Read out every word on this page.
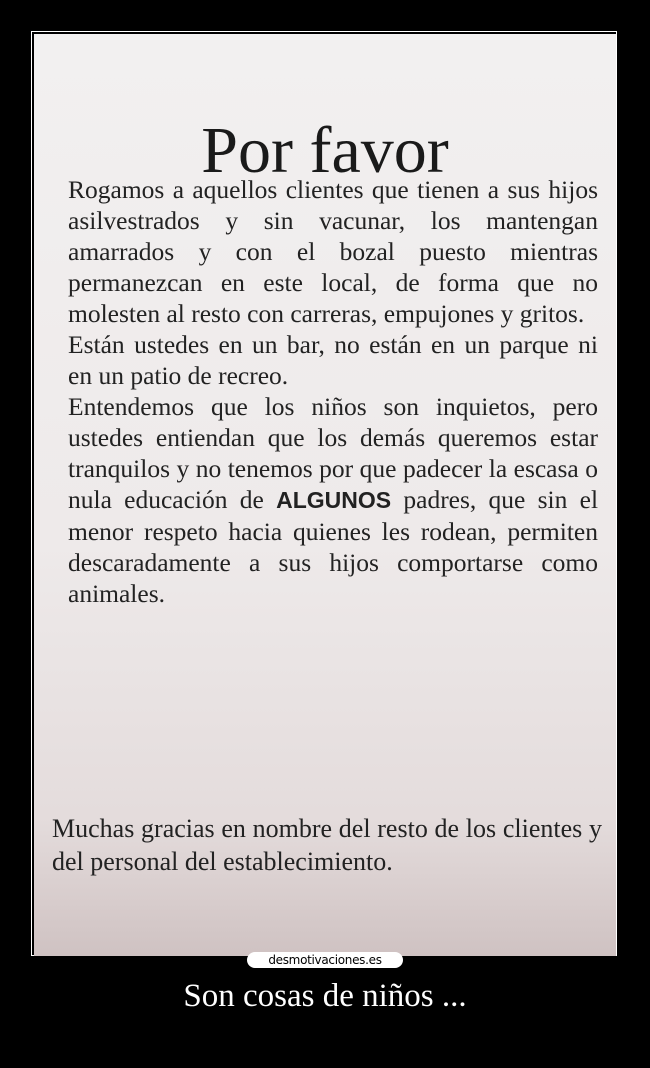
Por favor
Rogamos a aquellos clientes que tienen a sus hijos asilvestrados y sin vacunar, los mantengan amarrados y con el bozal puesto mientras permanezcan en este local, de forma que no molesten al resto con carreras, empujones y gritos.
Están ustedes en un bar, no están en un parque ni en un patio de recreo.
Entendemos que los niños son inquietos, pero ustedes entiendan que los demás queremos estar tranquilos y no tenemos por que padecer la escasa o nula educación de ALGUNOS padres, que sin el menor respeto hacia quienes les rodean, permiten descaradamente a sus hijos comportarse como animales.
Muchas gracias en nombre del resto de los clientes y del personal del establecimiento.
desmotivaciones.es
Son cosas de niños ...
